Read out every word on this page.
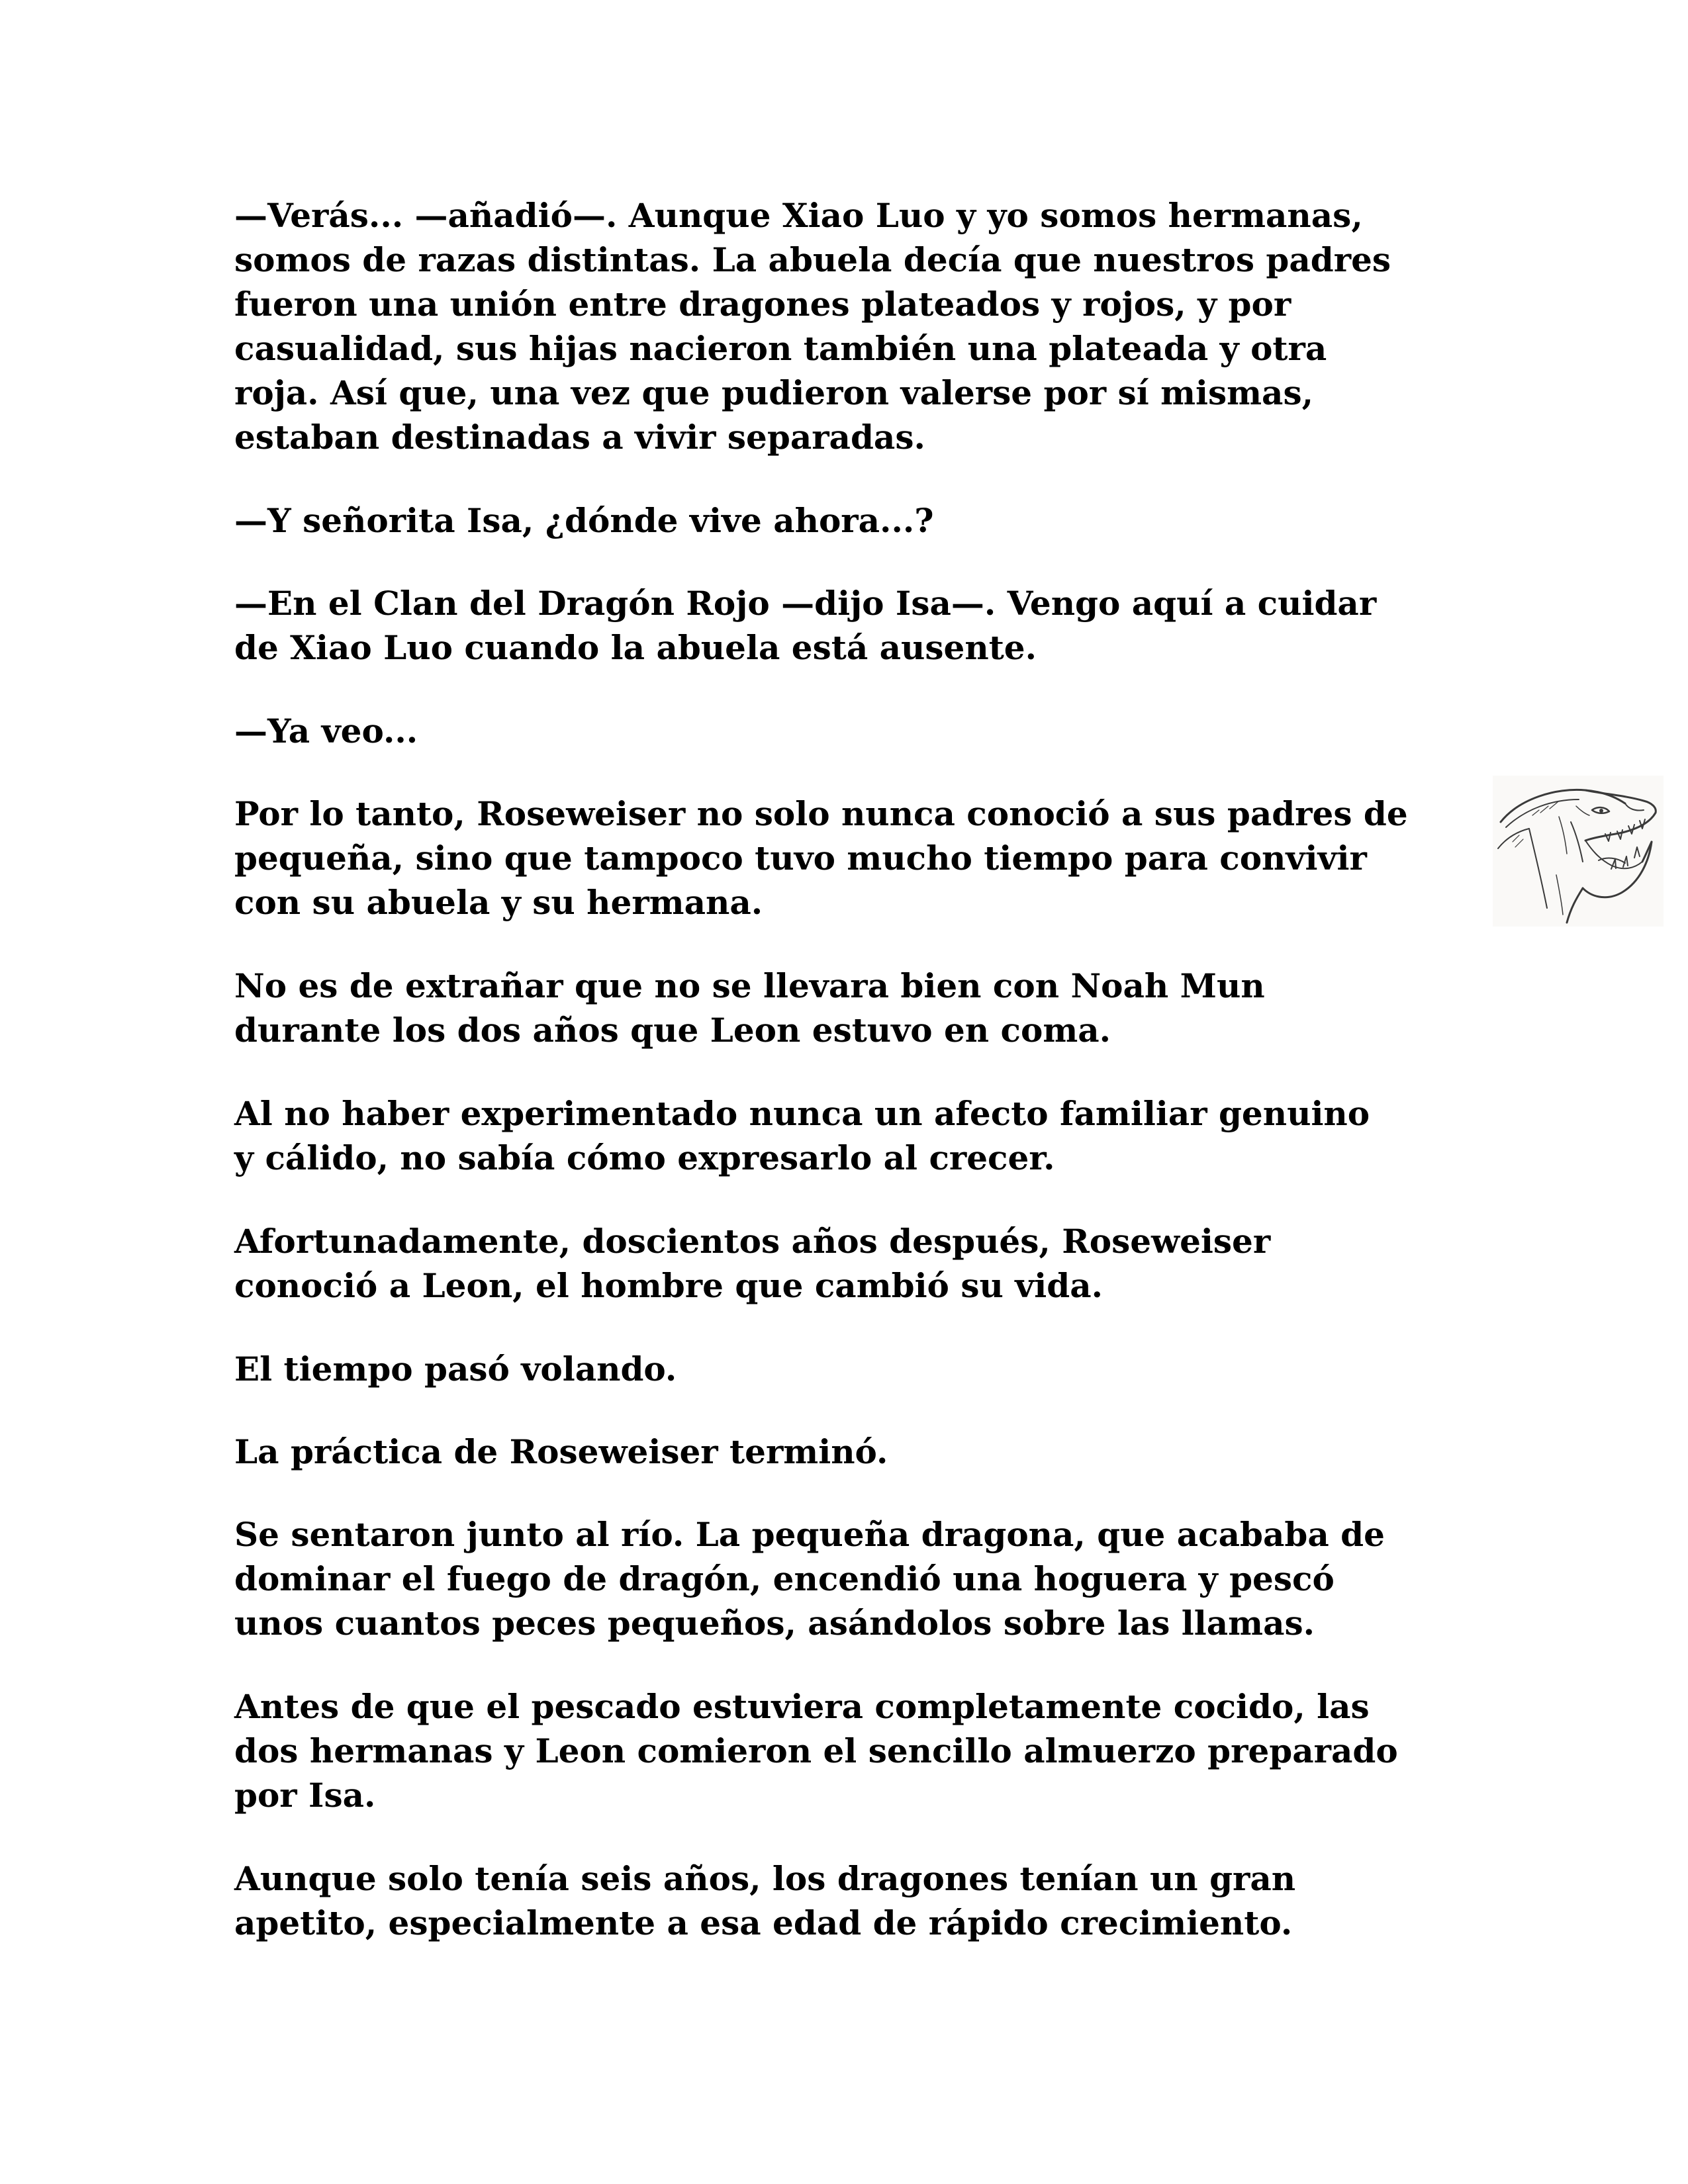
—Verás... —añadió—. Aunque Xiao Luo y yo somos hermanas,
somos de razas distintas. La abuela decía que nuestros padres
fueron una unión entre dragones plateados y rojos, y por
casualidad, sus hijas nacieron también una plateada y otra
roja. Así que, una vez que pudieron valerse por sí mismas,
estaban destinadas a vivir separadas.

—Y señorita Isa, ¿dónde vive ahora...?

—En el Clan del Dragón Rojo —dijo Isa—. Vengo aquí a cuidar
de Xiao Luo cuando la abuela está ausente.

—Ya veo...

Por lo tanto, Roseweiser no solo nunca conoció a sus padres de
pequeña, sino que tampoco tuvo mucho tiempo para convivir
con su abuela y su hermana.

No es de extrañar que no se llevara bien con Noah Mun
durante los dos años que Leon estuvo en coma.

Al no haber experimentado nunca un afecto familiar genuino
y cálido, no sabía cómo expresarlo al crecer.

Afortunadamente, doscientos años después, Roseweiser
conoció a Leon, el hombre que cambió su vida.

El tiempo pasó volando.

La práctica de Roseweiser terminó.

Se sentaron junto al río. La pequeña dragona, que acababa de
dominar el fuego de dragón, encendió una hoguera y pescó
unos cuantos peces pequeños, asándolos sobre las llamas.

Antes de que el pescado estuviera completamente cocido, las
dos hermanas y Leon comieron el sencillo almuerzo preparado
por Isa.

Aunque solo tenía seis años, los dragones tenían un gran
apetito, especialmente a esa edad de rápido crecimiento.
